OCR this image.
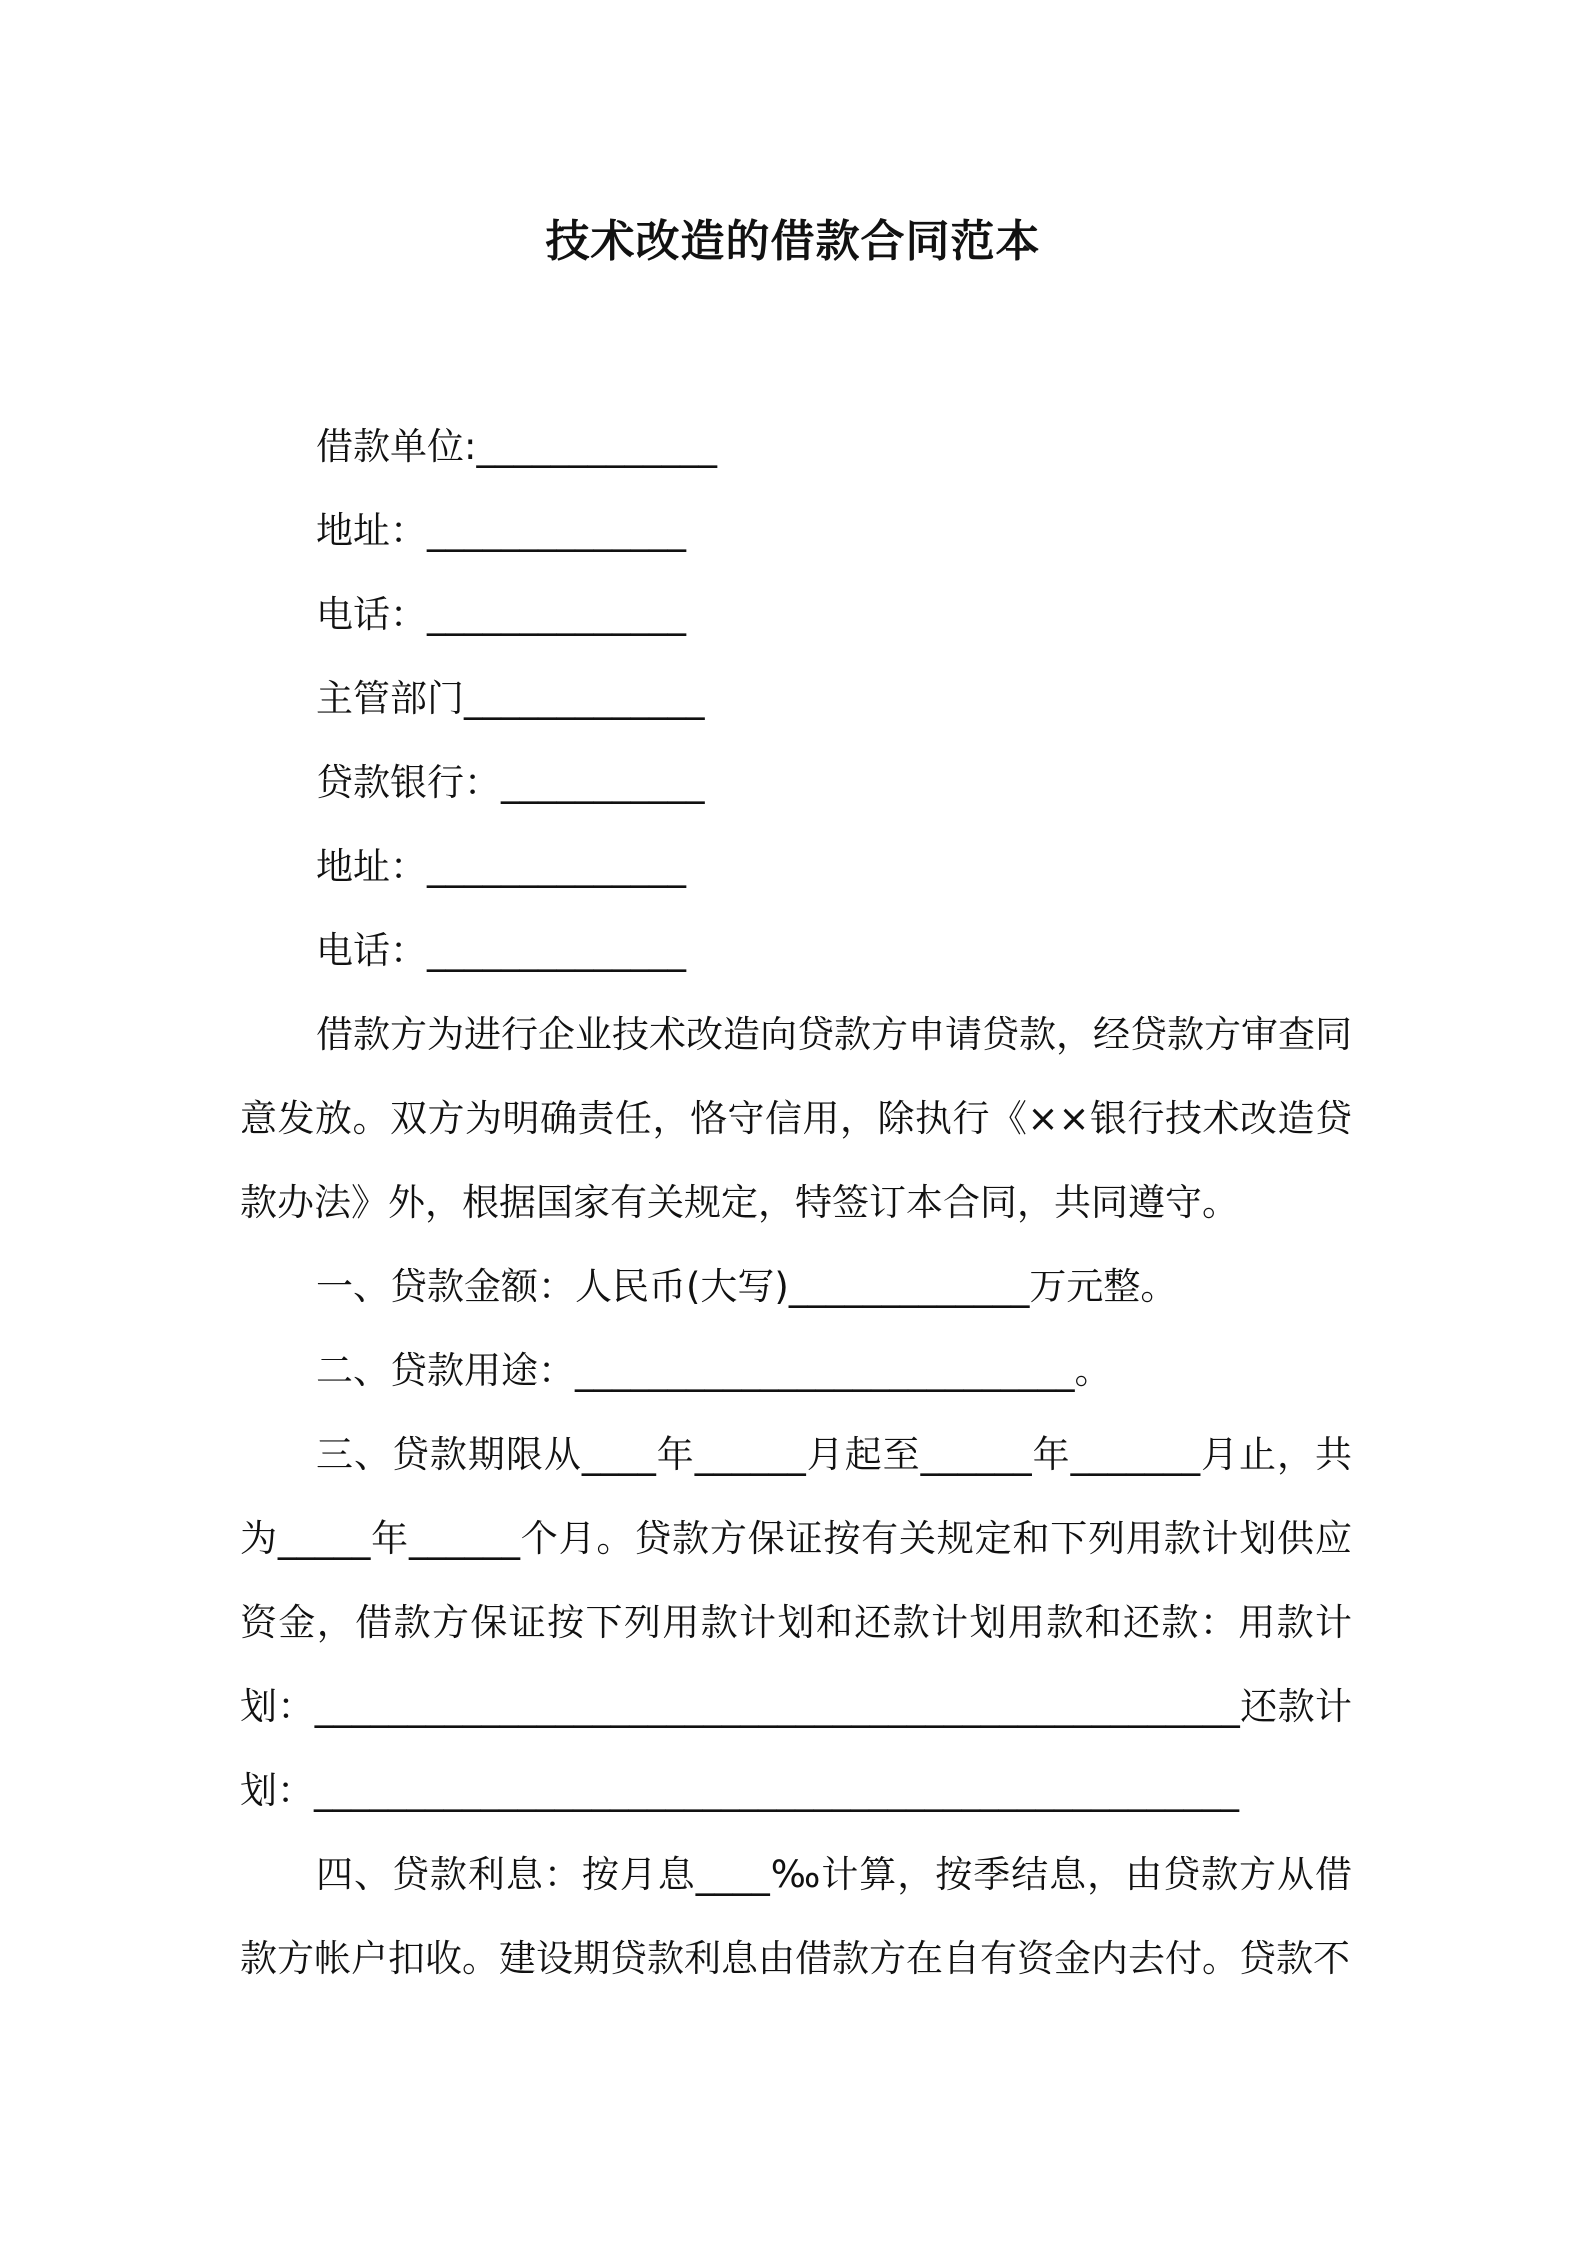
技术改造的借款合同范本

借款单位:_____________

地址：______________

电话：______________

主管部门_____________

贷款银行：___________

地址：______________

电话：______________

借款方为进行企业技术改造向贷款方申请贷款，经贷款方审查同意发放。双方为明确责任，恪守信用，除执行《××银行技术改造贷款办法》外，根据国家有关规定，特签订本合同，共同遵守。

一、贷款金额：人民币(大写)_____________万元整。

二、贷款用途：___________________________。

三、贷款期限从____年______月起至______年_______月止，共为_____年______个月。贷款方保证按有关规定和下列用款计划供应资金，借款方保证按下列用款计划和还款计划用款和还款：用款计划：__________________________________________________还款计划：__________________________________________________

四、贷款利息：按月息____‰计算，按季结息，由贷款方从借款方帐户扣收。建设期贷款利息由借款方在自有资金内去付。贷款不
